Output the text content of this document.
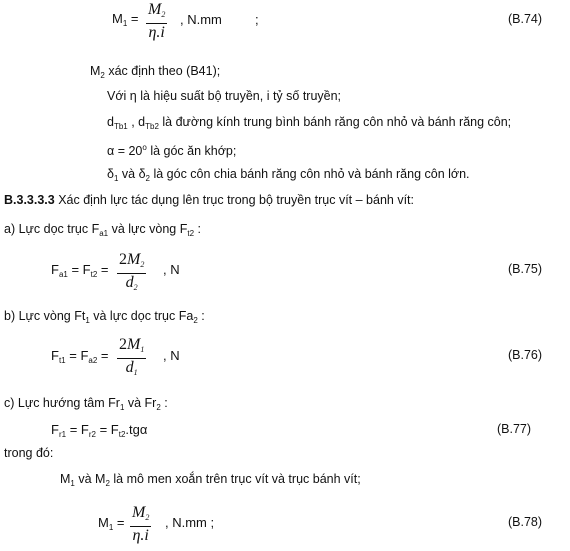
$M_1 = \frac{M_2}{\eta.i}$ , N.mm	;	(B.74)
$M_2$ xác định theo (B41);
Với η là hiệu suất bộ truyền, i tỷ số truyền;
$d_{Tb1}$ , $d_{Tb2}$ là đường kính trung bình bánh răng côn nhỏ và bánh răng côn;
$\alpha = 20^o$ là góc ăn khớp;
$\delta_1$ và $\delta_2$ là góc côn chia bánh răng côn nhỏ và bánh răng côn lớn.
B.3.3.3.3 Xác định lực tác dụng lên trục trong bộ truyền trục vít – bánh vít:
a) Lực dọc trục $F_{a1}$ và lực vòng $F_{t2}$ :
$F_{a1} = F_{t2} = \frac{2M_2}{d_2}$ , N	(B.75)
b) Lực vòng $Ft_1$ và lực dọc trục $Fa_2$ :
$F_{t1} = F_{a2} = \frac{2M_1}{d_1}$ , N	(B.76)
c) Lực hướng tâm $Fr_1$ và $Fr_2$ :
$F_{r1} = F_{r2} = F_{t2}.tg\alpha$	(B.77)
trong đó:
$M_1$ và $M_2$ là mô men xoắn trên trục vít và trục bánh vít;
$M_1 = \frac{M_2}{\eta.i}$ , N.mm ;	(B.78)
